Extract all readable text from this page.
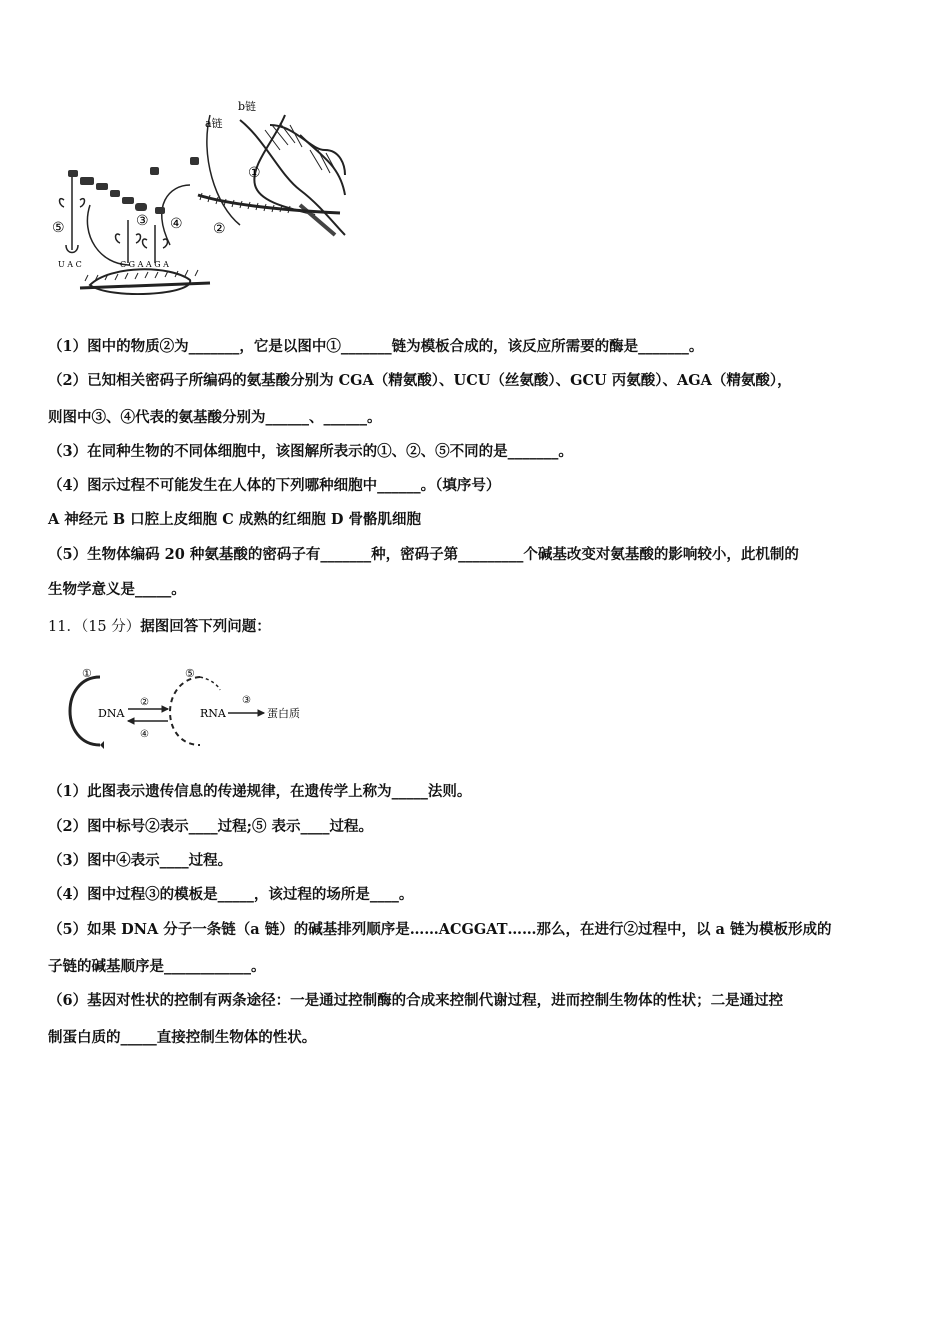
b链
a链
①
②
③ ④
⑤
C G A A G A
U A C
（1）图中的物质②为_______，它是以图中①_______链为模板合成的，该反应所需要的酶是_______。
（2）已知相关密码子所编码的氨基酸分别为 CGA（精氨酸）、UCU（丝氨酸）、GCU 丙氨酸）、AGA（精氨酸），
则图中③、④代表的氨基酸分别为______、______。
（3）在同种生物的不同体细胞中，该图解所表示的①、②、⑤不同的是_______。
（4）图示过程不可能发生在人体的下列哪种细胞中______。（填序号）
A 神经元 B 口腔上皮细胞 C 成熟的红细胞 D 骨骼肌细胞
（5）生物体编码 20 种氨基酸的密码子有_______种，密码子第_________个碱基改变对氨基酸的影响较小，此机制的
生物学意义是_____。
11．（15 分）据图回答下列问题：
DNA	RNA	蛋白质
①	⑤
②
④
③
（1）此图表示遗传信息的传递规律，在遗传学上称为_____法则。
（2）图中标号②表示____过程;⑤ 表示____过程。
（3）图中④表示____过程。
（4）图中过程③的模板是_____，该过程的场所是____。
（5）如果 DNA 分子一条链（a 链）的碱基排列顺序是……ACGGAT……那么，在进行②过程中，以 a 链为模板形成的
子链的碱基顺序是____________。
（6）基因对性状的控制有两条途径：一是通过控制酶的合成来控制代谢过程，进而控制生物体的性状；二是通过控
制蛋白质的_____直接控制生物体的性状。
